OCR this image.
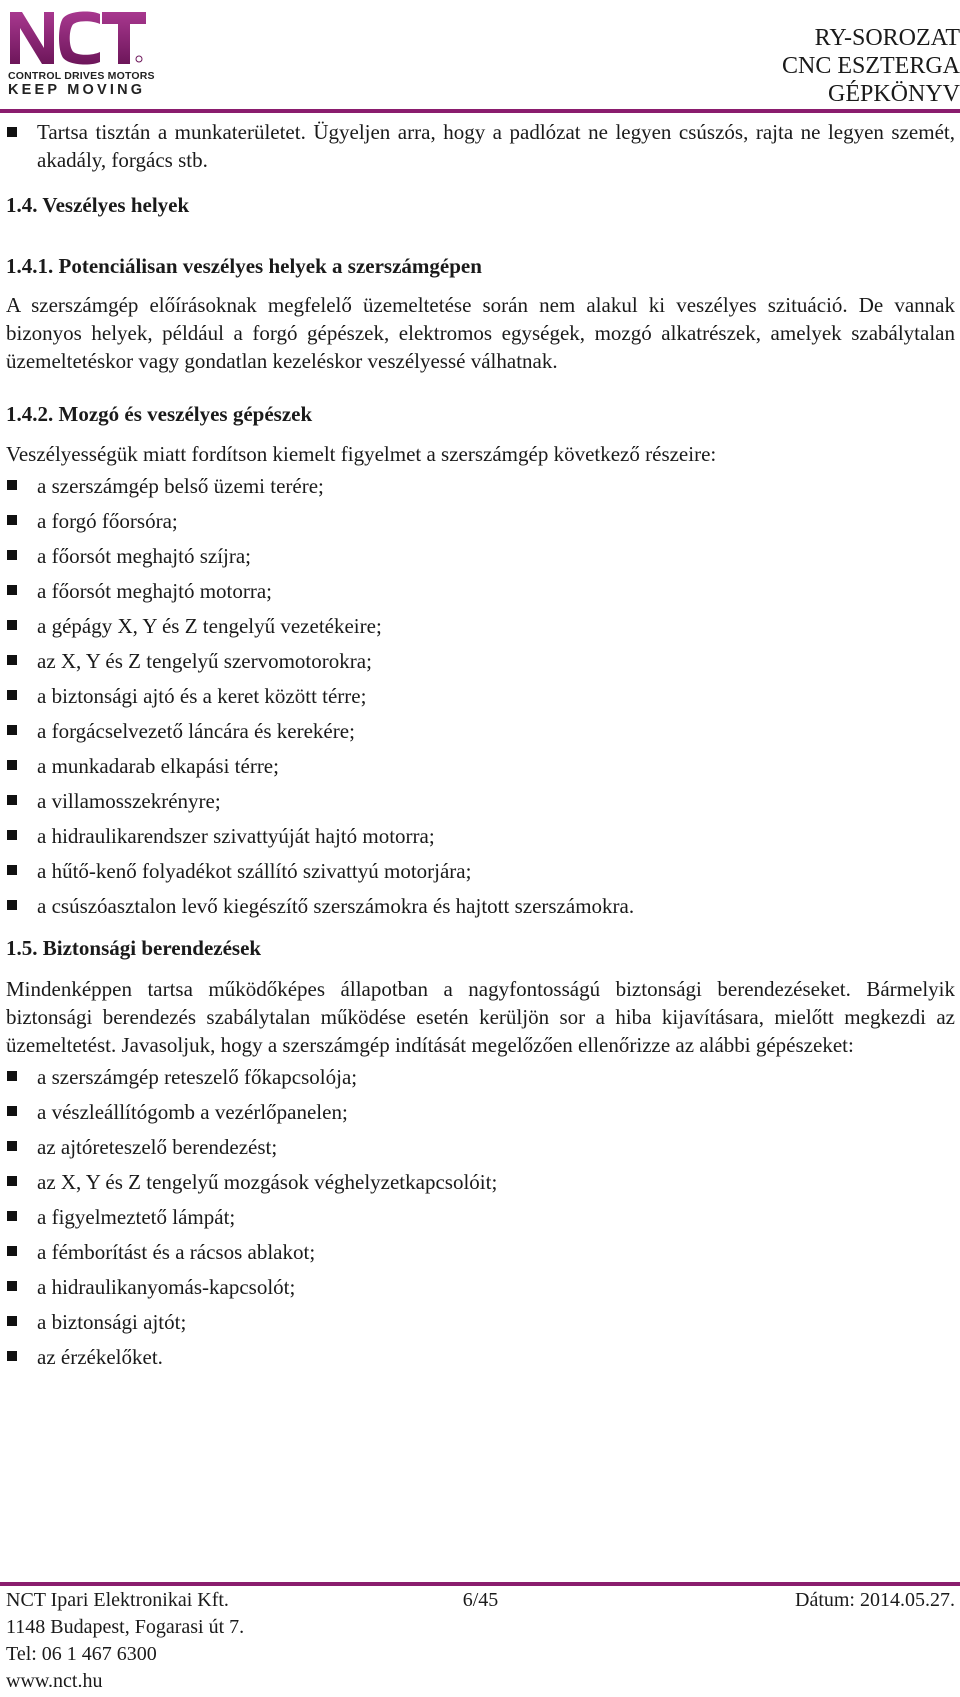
CONTROL DRIVES MOTORS
KEEP MOVING
RY-SOROZAT
CNC ESZTERGA
GÉPKÖNYV

Tartsa tisztán a munkaterületet. Ügyeljen arra, hogy a padlózat ne legyen csúszós, rajta ne legyen szemét, akadály, forgács stb.

1.4. Veszélyes helyek
1.4.1. Potenciálisan veszélyes helyek a szerszámgépen

A szerszámgép előírásoknak megfelelő üzemeltetése során nem alakul ki veszélyes szituáció. De vannak bizonyos helyek, például a forgó gépészek, elektromos egységek, mozgó alkatrészek, amelyek szabálytalan üzemeltetéskor vagy gondatlan kezeléskor veszélyessé válhatnak.

1.4.2. Mozgó és veszélyes gépészek

Veszélyességük miatt fordítson kiemelt figyelmet a szerszámgép következő részeire:

a szerszámgép belső üzemi terére;
a forgó főorsóra;
a főorsót meghajtó szíjra;
a főorsót meghajtó motorra;
a gépágy X, Y és Z tengelyű vezetékeire;
az X, Y és Z tengelyű szervomotorokra;
a biztonsági ajtó és a keret között térre;
a forgácselvezető láncára és kerekére;
a munkadarab elkapási térre;
a villamosszekrényre;
a hidraulikarendszer szivattyúját hajtó motorra;
a hűtő-kenő folyadékot szállító szivattyú motorjára;
a csúszóasztalon levő kiegészítő szerszámokra és hajtott szerszámokra.
1.5. Biztonsági berendezések

Mindenképpen tartsa működőképes állapotban a nagyfontosságú biztonsági berendezéseket. Bármelyik biztonsági berendezés szabálytalan működése esetén kerüljön sor a hiba kijavításara, mielőtt megkezdi az üzemeltetést. Javasoljuk, hogy a szerszámgép indítását megelőzően ellenőrizze az alábbi gépészeket:

a szerszámgép reteszelő főkapcsolója;
a vészleállítógomb a vezérlőpanelen;
az ajtóreteszelő berendezést;
az X, Y és Z tengelyű mozgások véghelyzetkapcsolóit;
a figyelmeztető lámpát;
a fémborítást és a rácsos ablakot;
a hidraulikanyomás-kapcsolót;
a biztonsági ajtót;
az érzékelőket.
NCT Ipari Elektronikai Kft.	6/45	Dátum: 2014.05.27.
1148 Budapest, Fogarasi út 7.
Tel: 06 1 467 6300
www.nct.hu
